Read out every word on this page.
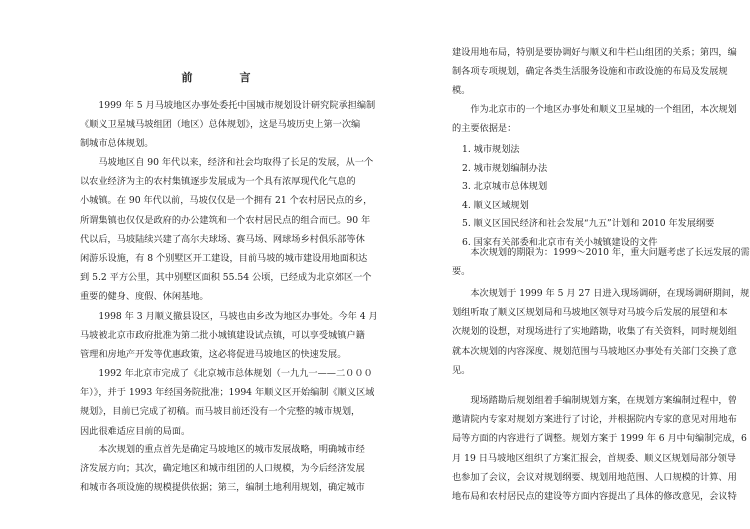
前　言

　　1999 年 5 月马坡地区办事处委托中国城市规划设计研究院承担编制
《顺义卫星城马坡组团（地区）总体规划》，这是马坡历史上第一次编
制城市总体规划。

　　马坡地区自 90 年代以来，经济和社会均取得了长足的发展，从一个
以农业经济为主的农村集镇逐步发展成为一个具有浓厚现代化气息的
小城镇。在 90 年代以前，马坡仅仅是一个拥有 21 个农村居民点的乡，
所谓集镇也仅仅是政府的办公建筑和一个农村居民点的组合而已。90 年
代以后，马坡陆续兴建了高尔夫球场、赛马场、网球场乡村俱乐部等休
闲游乐设施，有 8 个别墅区开工建设，目前马坡的城市建设用地面积达
到 5.2 平方公里，其中别墅区面积 55.54 公顷，已经成为北京郊区一个
重要的健身、度假、休闲基地。

　　1998 年 3 月顺义撤县设区，马坡也由乡改为地区办事处。今年 4 月
马坡被北京市政府批准为第二批小城镇建设试点镇，可以享受城镇户籍
管理和房地产开发等优惠政策，这必将促进马坡地区的快速发展。

　　1992 年北京市完成了《北京城市总体规划（一九九一——二０００
年）》，并于 1993 年经国务院批准；1994 年顺义区开始编制《顺义区域
规划》，目前已完成了初稿。而马坡目前还没有一个完整的城市规划，
因此很难适应目前的局面。

　　本次规划的重点首先是确定马坡地区的城市发展战略，明确城市经
济发展方向；其次，确定地区和城市组团的人口规模，为今后经济发展
和城市各项设施的规模提供依据；第三，编制土地利用规划，确定城市

建设用地布局，特别是要协调好与顺义和牛栏山组团的关系；第四，编
制各项专项规划，确定各类生活服务设施和市政设施的布局及发展规
模。

　　作为北京市的一个地区办事处和顺义卫星城的一个组团，本次规划
的主要依据是：

1. 城市规划法
2. 城市规划编制办法
3. 北京城市总体规划
4. 顺义区域规划
5. 顺义区国民经济和社会发展“九五”计划和 2010 年发展纲要
6. 国家有关部委和北京市有关小城镇建设的文件

　　本次规划的期限为：1999～2010 年，重大问题考虑了长远发展的需
要。

　　本次规划于 1999 年 5 月 27 日进入现场调研，在现场调研期间，规
划组听取了顺义区规划局和马坡地区领导对马坡今后发展的展望和本
次规划的设想，对现场进行了实地踏勘，收集了有关资料，同时规划组
就本次规划的内容深度、规划范围与马坡地区办事处有关部门交换了意
见。

　　现场踏勘后规划组着手编制规划方案，在规划方案编制过程中，曾
邀请院内专家对规划方案进行了讨论，并根据院内专家的意见对用地布
局等方面的内容进行了调整。规划方案于 1999 年 6 月中旬编制完成，6
月 19 日马坡地区组织了方案汇报会，首规委、顺义区规划局部分领导
也参加了会议，会议对规划纲要、规划用地范围、人口规模的计算、用
地布局和农村居民点的建设等方面内容提出了具体的修改意见，会议特
